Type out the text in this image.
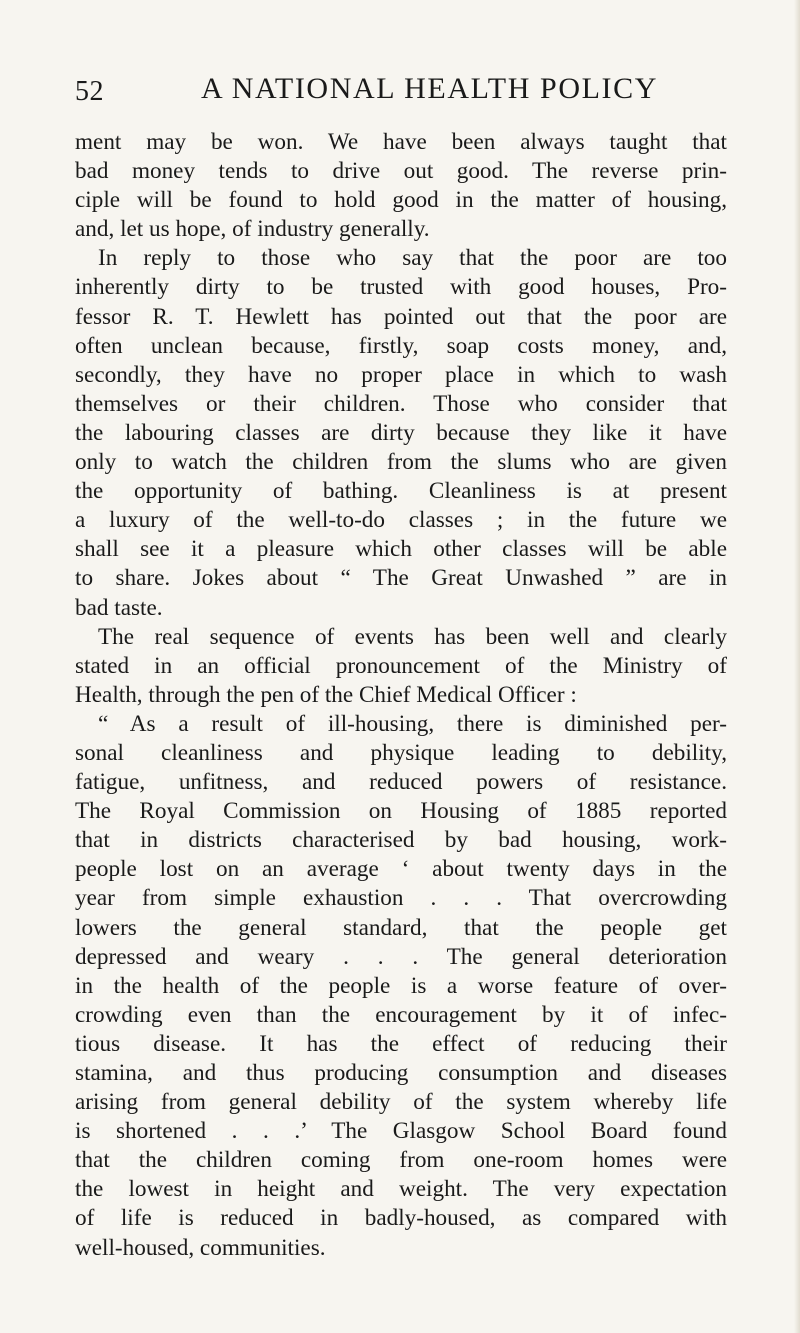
52	A NATIONAL HEALTH POLICY
ment may be won. We have been always taught that
bad money tends to drive out good. The reverse prin-
ciple will be found to hold good in the matter of housing,
and, let us hope, of industry generally.
In reply to those who say that the poor are too
inherently dirty to be trusted with good houses, Pro-
fessor R. T. Hewlett has pointed out that the poor are
often unclean because, firstly, soap costs money, and,
secondly, they have no proper place in which to wash
themselves or their children. Those who consider that
the labouring classes are dirty because they like it have
only to watch the children from the slums who are given
the opportunity of bathing. Cleanliness is at present
a luxury of the well-to-do classes ; in the future we
shall see it a pleasure which other classes will be able
to share. Jokes about “ The Great Unwashed ” are in
bad taste.
The real sequence of events has been well and clearly
stated in an official pronouncement of the Ministry of
Health, through the pen of the Chief Medical Officer :
“ As a result of ill-housing, there is diminished per-
sonal cleanliness and physique leading to debility,
fatigue, unfitness, and reduced powers of resistance.
The Royal Commission on Housing of 1885 reported
that in districts characterised by bad housing, work-
people lost on an average ‘ about twenty days in the
year from simple exhaustion . . . That overcrowding
lowers the general standard, that the people get
depressed and weary . . . The general deterioration
in the health of the people is a worse feature of over-
crowding even than the encouragement by it of infec-
tious disease. It has the effect of reducing their
stamina, and thus producing consumption and diseases
arising from general debility of the system whereby life
is shortened . . .’ The Glasgow School Board found
that the children coming from one-room homes were
the lowest in height and weight. The very expectation
of life is reduced in badly-housed, as compared with
well-housed, communities.
